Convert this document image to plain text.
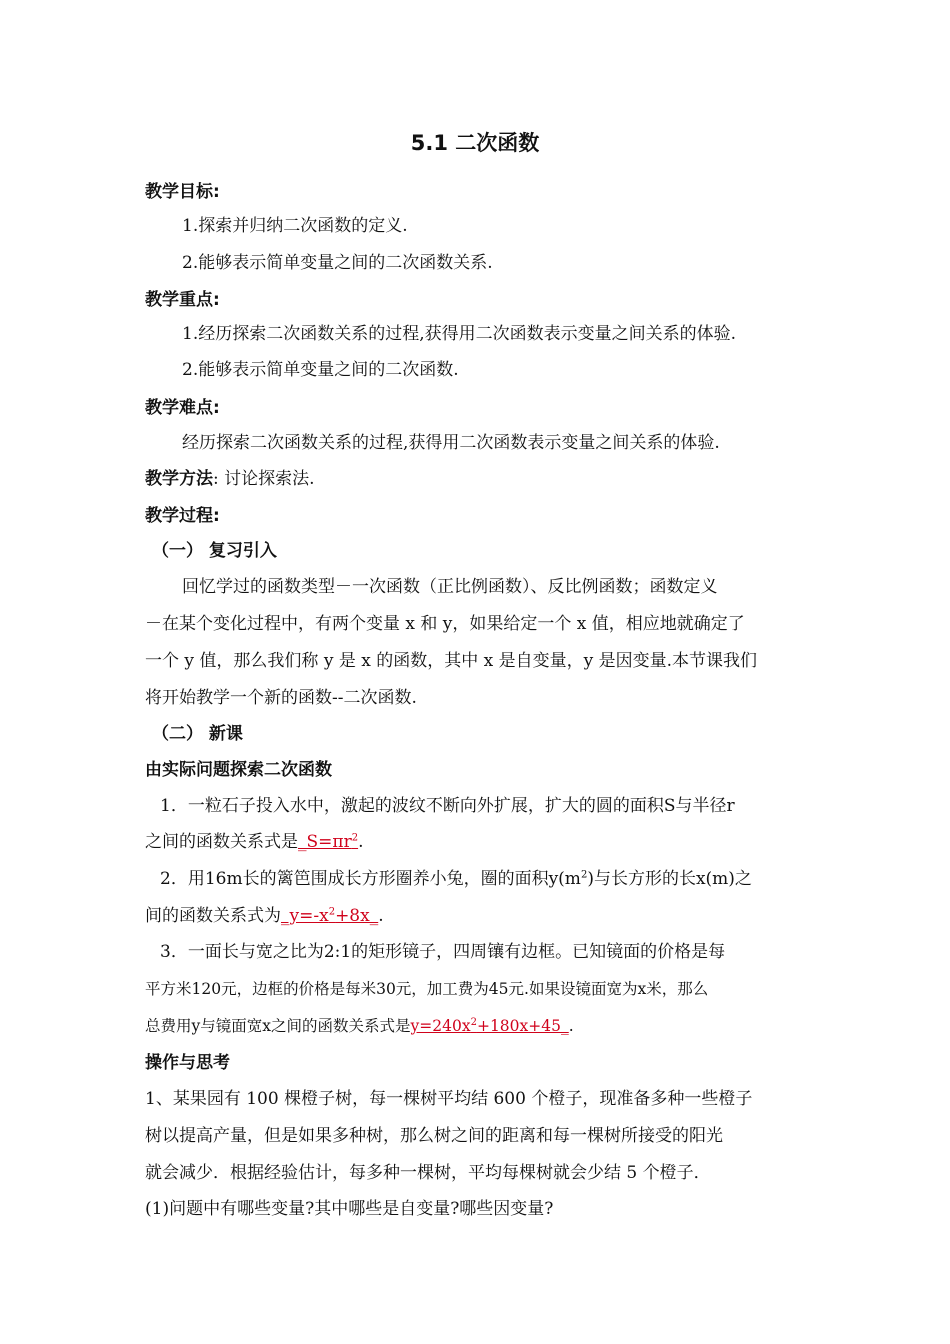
5.1 二次函数
教学目标:
1.探索并归纳二次函数的定义.
2.能够表示简单变量之间的二次函数关系.
教学重点:
1.经历探索二次函数关系的过程,获得用二次函数表示变量之间关系的体验.
2.能够表示简单变量之间的二次函数.
教学难点:
经历探索二次函数关系的过程,获得用二次函数表示变量之间关系的体验.
教学方法: 讨论探索法.
教学过程:
（一） 复习引入
回忆学过的函数类型－一次函数（正比例函数）、反比例函数；函数定义
－在某个变化过程中，有两个变量 x 和 y，如果给定一个 x 值，相应地就确定了
一个 y 值，那么我们称 y 是 x 的函数，其中 x 是自变量，y 是因变量.本节课我们
将开始教学一个新的函数--二次函数.
（二） 新课
由实际问题探索二次函数
1．一粒石子投入水中，激起的波纹不断向外扩展，扩大的圆的面积S与半径r
之间的函数关系式是$\_S=\pi r^2$.
2．用16m长的篱笆围成长方形圈养小兔，圈的面积$y(m^2)$与长方形的长x(m)之
间的函数关系式为$\_y=-x^2+8x\_$.
3．一面长与宽之比为2:1的矩形镜子，四周镶有边框。已知镜面的价格是每
平方米120元，边框的价格是每米30元，加工费为45元.如果设镜面宽为x米，那么
总费用y与镜面宽x之间的函数关系式是$y=240x^2+180x+45\_$.
操作与思考
1、某果园有 100 棵橙子树，每一棵树平均结 600 个橙子，现准备多种一些橙子
树以提高产量，但是如果多种树，那么树之间的距离和每一棵树所接受的阳光
就会减少．根据经验估计，每多种一棵树，平均每棵树就会少结 5 个橙子．
(1)问题中有哪些变量?其中哪些是自变量?哪些因变量?
